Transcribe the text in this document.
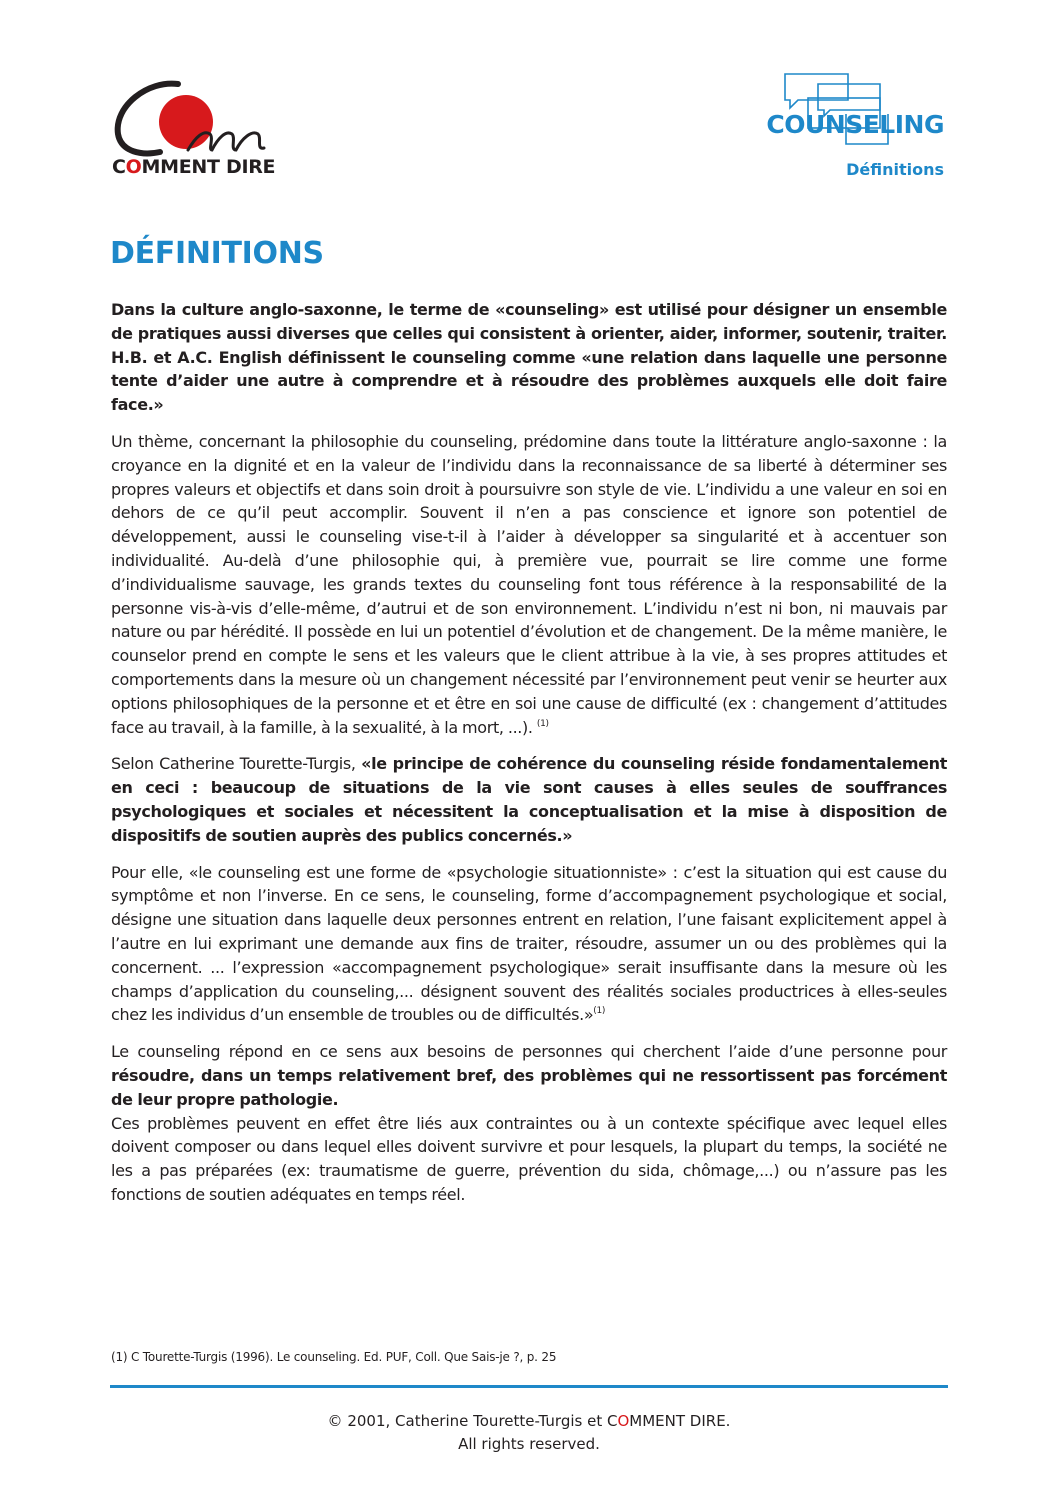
COMMENT DIRE
COUNSELING
Définitions
DÉFINITIONS

Dans la culture anglo-saxonne, le terme de «counseling» est utilisé pour désigner un ensemble de pratiques aussi diverses que celles qui consistent à orienter, aider, informer, soutenir, traiter. H.B. et A.C. English définissent le counseling comme «une relation dans laquelle une personne tente d’aider une autre à comprendre et à résoudre des problèmes auxquels elle doit faire face.»

Un thème, concernant la philosophie du counseling, prédomine dans toute la littérature anglo-saxonne : la croyance en la dignité et en la valeur de l’individu dans la reconnaissance de sa liberté à déterminer ses propres valeurs et objectifs et dans soin droit à poursuivre son style de vie. L’individu a une valeur en soi en dehors de ce qu’il peut accomplir. Souvent il n’en a pas conscience et ignore son potentiel de développement, aussi le counseling vise-t-il à l’aider à développer sa singularité et à accentuer son individualité. Au-delà d’une philosophie qui, à première vue, pourrait se lire comme une forme d’individualisme sauvage, les grands textes du counseling font tous référence à la responsabilité de la personne vis-à-vis d’elle-même, d’autrui et de son environnement. L’individu n’est ni bon, ni mauvais par nature ou par hérédité. Il possède en lui un potentiel d’évolution et de changement. De la même manière, le counselor prend en compte le sens et les valeurs que le client attribue à la vie, à ses propres attitudes et comportements dans la mesure où un changement nécessité par l’environnement peut venir se heurter aux options philosophiques de la personne et et être en soi une cause de difficulté (ex : changement d’attitudes face au travail, à la famille, à la sexualité, à la mort, ...). $^{(1)}$

Selon Catherine Tourette-Turgis, «le principe de cohérence du counseling réside fondamentalement en ceci : beaucoup de situations de la vie sont causes à elles seules de souffrances psychologiques et sociales et nécessitent la conceptualisation et la mise à disposition de dispositifs de soutien auprès des publics concernés.»

Pour elle, «le counseling est une forme de «psychologie situationniste» : c’est la situation qui est cause du symptôme et non l’inverse. En ce sens, le counseling, forme d’accompagnement psychologique et social, désigne une situation dans laquelle deux personnes entrent en relation, l’une faisant explicitement appel à l’autre en lui exprimant une demande aux fins de traiter, résoudre, assumer un ou des problèmes qui la concernent. ... l’expression «accompagnement psychologique» serait insuffisante dans la mesure où les champs d’application du counseling,... désignent souvent des réalités sociales productrices à elles-seules chez les individus d’un ensemble de troubles ou de difficultés.»$^{(1)}$

Le counseling répond en ce sens aux besoins de personnes qui cherchent l’aide d’une personne pour résoudre, dans un temps relativement bref, des problèmes qui ne ressortissent pas forcément de leur propre pathologie.

Ces problèmes peuvent en effet être liés aux contraintes ou à un contexte spécifique avec lequel elles doivent composer ou dans lequel elles doivent survivre et pour lesquels, la plupart du temps, la société ne les a pas préparées (ex: traumatisme de guerre, prévention du sida, chômage,...) ou n’assure pas les fonctions de soutien adéquates en temps réel.

(1) C Tourette-Turgis (1996). Le counseling. Ed. PUF, Coll. Que Sais-je ?, p. 25
© 2001, Catherine Tourette-Turgis et COMMENT DIRE.
All rights reserved.
